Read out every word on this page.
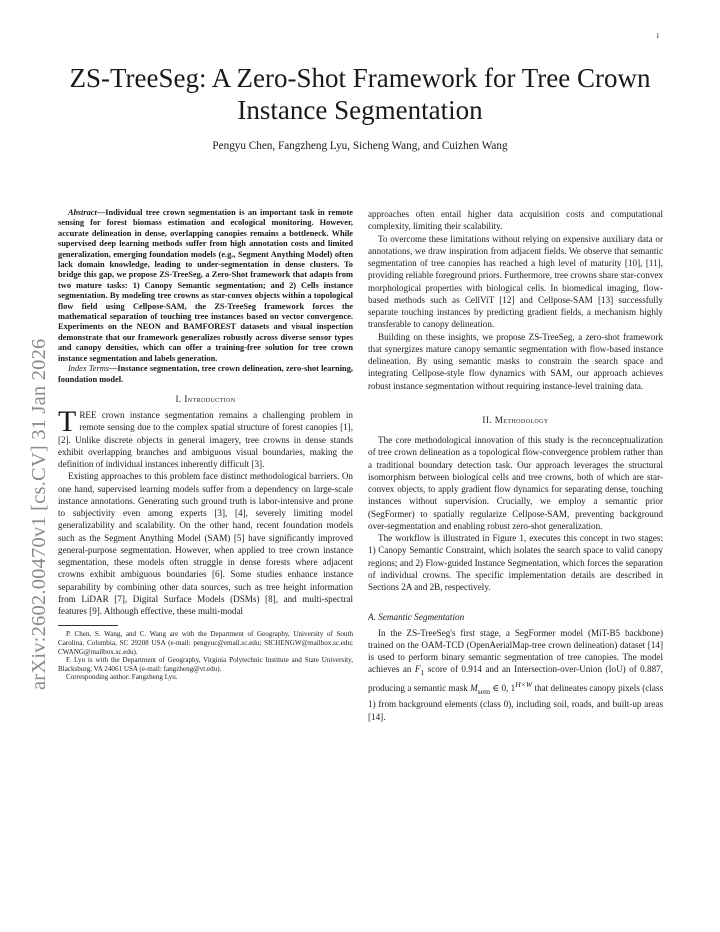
1
arXiv:2602.00470v1 [cs.CV] 31 Jan 2026
ZS-TreeSeg: A Zero-Shot Framework for Tree Crown Instance Segmentation
Pengyu Chen, Fangzheng Lyu, Sicheng Wang, and Cuizhen Wang

Abstract—Individual tree crown segmentation is an important task in remote sensing for forest biomass estimation and ecological monitoring. However, accurate delineation in dense, overlapping canopies remains a bottleneck. While supervised deep learning methods suffer from high annotation costs and limited generalization, emerging foundation models (e.g., Segment Anything Model) often lack domain knowledge, leading to under-segmentation in dense clusters. To bridge this gap, we propose ZS-TreeSeg, a Zero-Shot framework that adapts from two mature tasks: 1) Canopy Semantic segmentation; and 2) Cells instance segmentation. By modeling tree crowns as star-convex objects within a topological flow field using Cellpose-SAM, the ZS-TreeSeg framework forces the mathematical separation of touching tree instances based on vector convergence. Experiments on the NEON and BAMFOREST datasets and visual inspection demonstrate that our framework generalizes robustly across diverse sensor types and canopy densities, which can offer a training-free solution for tree crown instance segmentation and labels generation.

Index Terms—Instance segmentation, tree crown delineation, zero-shot learning, foundation model.

I. Introduction

TREE crown instance segmentation remains a challenging problem in remote sensing due to the complex spatial structure of forest canopies [1], [2]. Unlike discrete objects in general imagery, tree crowns in dense stands exhibit overlapping branches and ambiguous visual boundaries, making the definition of individual instances inherently difficult [3].

Existing approaches to this problem face distinct methodological barriers. On one hand, supervised learning models suffer from a dependency on large-scale instance annotations. Generating such ground truth is labor-intensive and prone to subjectivity even among experts [3], [4], severely limiting model generalizability and scalability. On the other hand, recent foundation models such as the Segment Anything Model (SAM) [5] have significantly improved general-purpose segmentation. However, when applied to tree crown instance segmentation, these models often struggle in dense forests where adjacent crowns exhibit ambiguous boundaries [6]. Some studies enhance instance separability by combining other data sources, such as tree height information from LiDAR [7], Digital Surface Models (DSMs) [8], and multi-spectral features [9]. Although effective, these multi-modal

P. Chen, S. Wang, and C. Wang are with the Department of Geography, University of South Carolina, Columbia, SC 29208 USA (e-mail: pengyuc@email.sc.edu; SICHENGW@mailbox.sc.edu; CWANG@mailbox.sc.edu).

F. Lyu is with the Department of Geography, Virginia Polytechnic Institute and State University, Blacksburg, VA 24061 USA (e-mail: fangzheng@vt.edu).

Corresponding author: Fangzheng Lyu.

approaches often entail higher data acquisition costs and computational complexity, limiting their scalability.

To overcome these limitations without relying on expensive auxiliary data or annotations, we draw inspiration from adjacent fields. We observe that semantic segmentation of tree canopies has reached a high level of maturity [10], [11], providing reliable foreground priors. Furthermore, tree crowns share star-convex morphological properties with biological cells. In biomedical imaging, flow-based methods such as CellViT [12] and Cellpose-SAM [13] successfully separate touching instances by predicting gradient fields, a mechanism highly transferable to canopy delineation.

Building on these insights, we propose ZS-TreeSeg, a zero-shot framework that synergizes mature canopy semantic segmentation with flow-based instance delineation. By using semantic masks to constrain the search space and integrating Cellpose-style flow dynamics with SAM, our approach achieves robust instance segmentation without requiring instance-level training data.

II. Methodology

The core methodological innovation of this study is the reconceptualization of tree crown delineation as a topological flow-convergence problem rather than a traditional boundary detection task. Our approach leverages the structural isomorphism between biological cells and tree crowns, both of which are star-convex objects, to apply gradient flow dynamics for separating dense, touching instances without supervision. Crucially, we employ a semantic prior (SegFormer) to spatially regularize Cellpose-SAM, preventing background over-segmentation and enabling robust zero-shot generalization.

The workflow is illustrated in Figure 1, executes this concept in two stages: 1) Canopy Semantic Constraint, which isolates the search space to valid canopy regions; and 2) Flow-guided Instance Segmentation, which forces the separation of individual crowns. The specific implementation details are described in Sections 2A and 2B, respectively.

A. Semantic Segmentation

In the ZS-TreeSeg's first stage, a SegFormer model (MiT-B5 backbone) trained on the OAM-TCD (OpenAerialMap-tree crown delineation) dataset [14] is used to perform binary semantic segmentation of tree canopies. The model achieves an $F_1$ score of 0.914 and an Intersection-over-Union (IoU) of 0.887, producing a semantic mask $M_{sem}$ ∈ 0, $1^{H\times W}$ that delineates canopy pixels (class 1) from background elements (class 0), including soil, roads, and built-up areas [14].
